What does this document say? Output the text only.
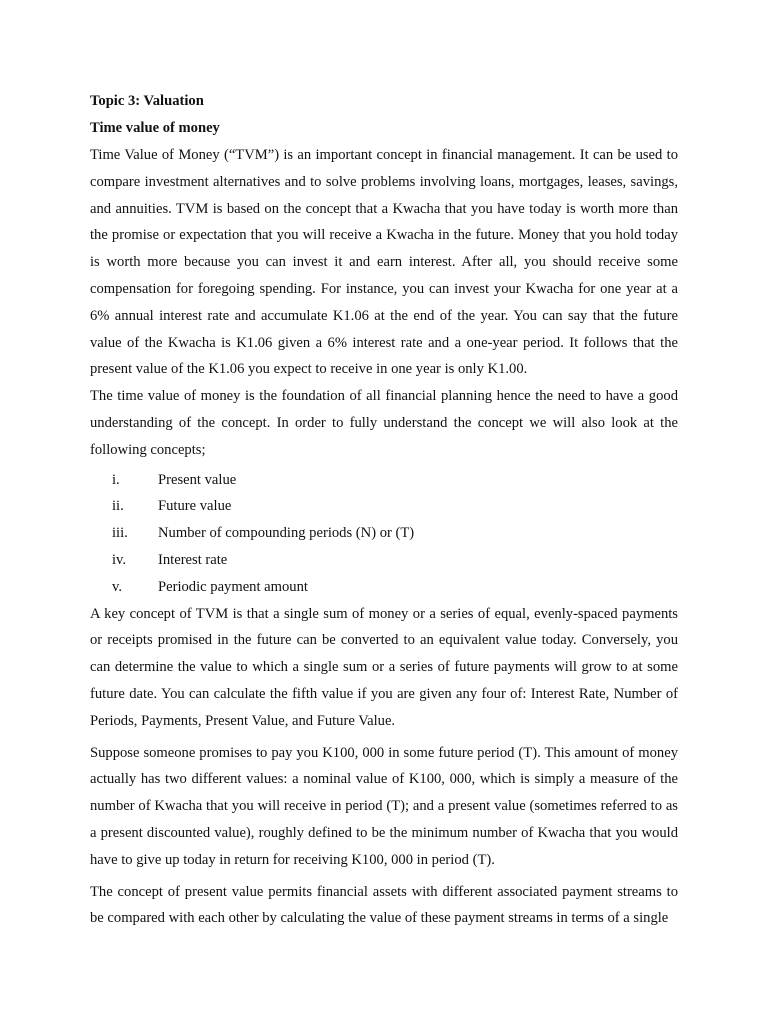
Topic 3: Valuation

Time value of money

Time Value of Money (“TVM”) is an important concept in financial management. It can be used to compare investment alternatives and to solve problems involving loans, mortgages, leases, savings, and annuities. TVM is based on the concept that a Kwacha that you have today is worth more than the promise or expectation that you will receive a Kwacha in the future. Money that you hold today is worth more because you can invest it and earn interest. After all, you should receive some compensation for foregoing spending. For instance, you can invest your Kwacha for one year at a 6% annual interest rate and accumulate K1.06 at the end of the year. You can say that the future value of the Kwacha is K1.06 given a 6% interest rate and a one-year period. It follows that the present value of the K1.06 you expect to receive in one year is only K1.00.

The time value of money is the foundation of all financial planning hence the need to have a good understanding of the concept. In order to fully understand the concept we will also look at the following concepts;

i.	Present value
ii.	Future value
iii.	Number of compounding periods (N) or (T)
iv.	Interest rate
v.	Periodic payment amount

A key concept of TVM is that a single sum of money or a series of equal, evenly-spaced payments or receipts promised in the future can be converted to an equivalent value today. Conversely, you can determine the value to which a single sum or a series of future payments will grow to at some future date. You can calculate the fifth value if you are given any four of: Interest Rate, Number of Periods, Payments, Present Value, and Future Value.

Suppose someone promises to pay you K100, 000 in some future period (T). This amount of money actually has two different values: a nominal value of K100, 000, which is simply a measure of the number of Kwacha that you will receive in period (T); and a present value (sometimes referred to as a present discounted value), roughly defined to be the minimum number of Kwacha that you would have to give up today in return for receiving K100, 000 in period (T).

The concept of present value permits financial assets with different associated payment streams to be compared with each other by calculating the value of these payment streams in terms of a single
